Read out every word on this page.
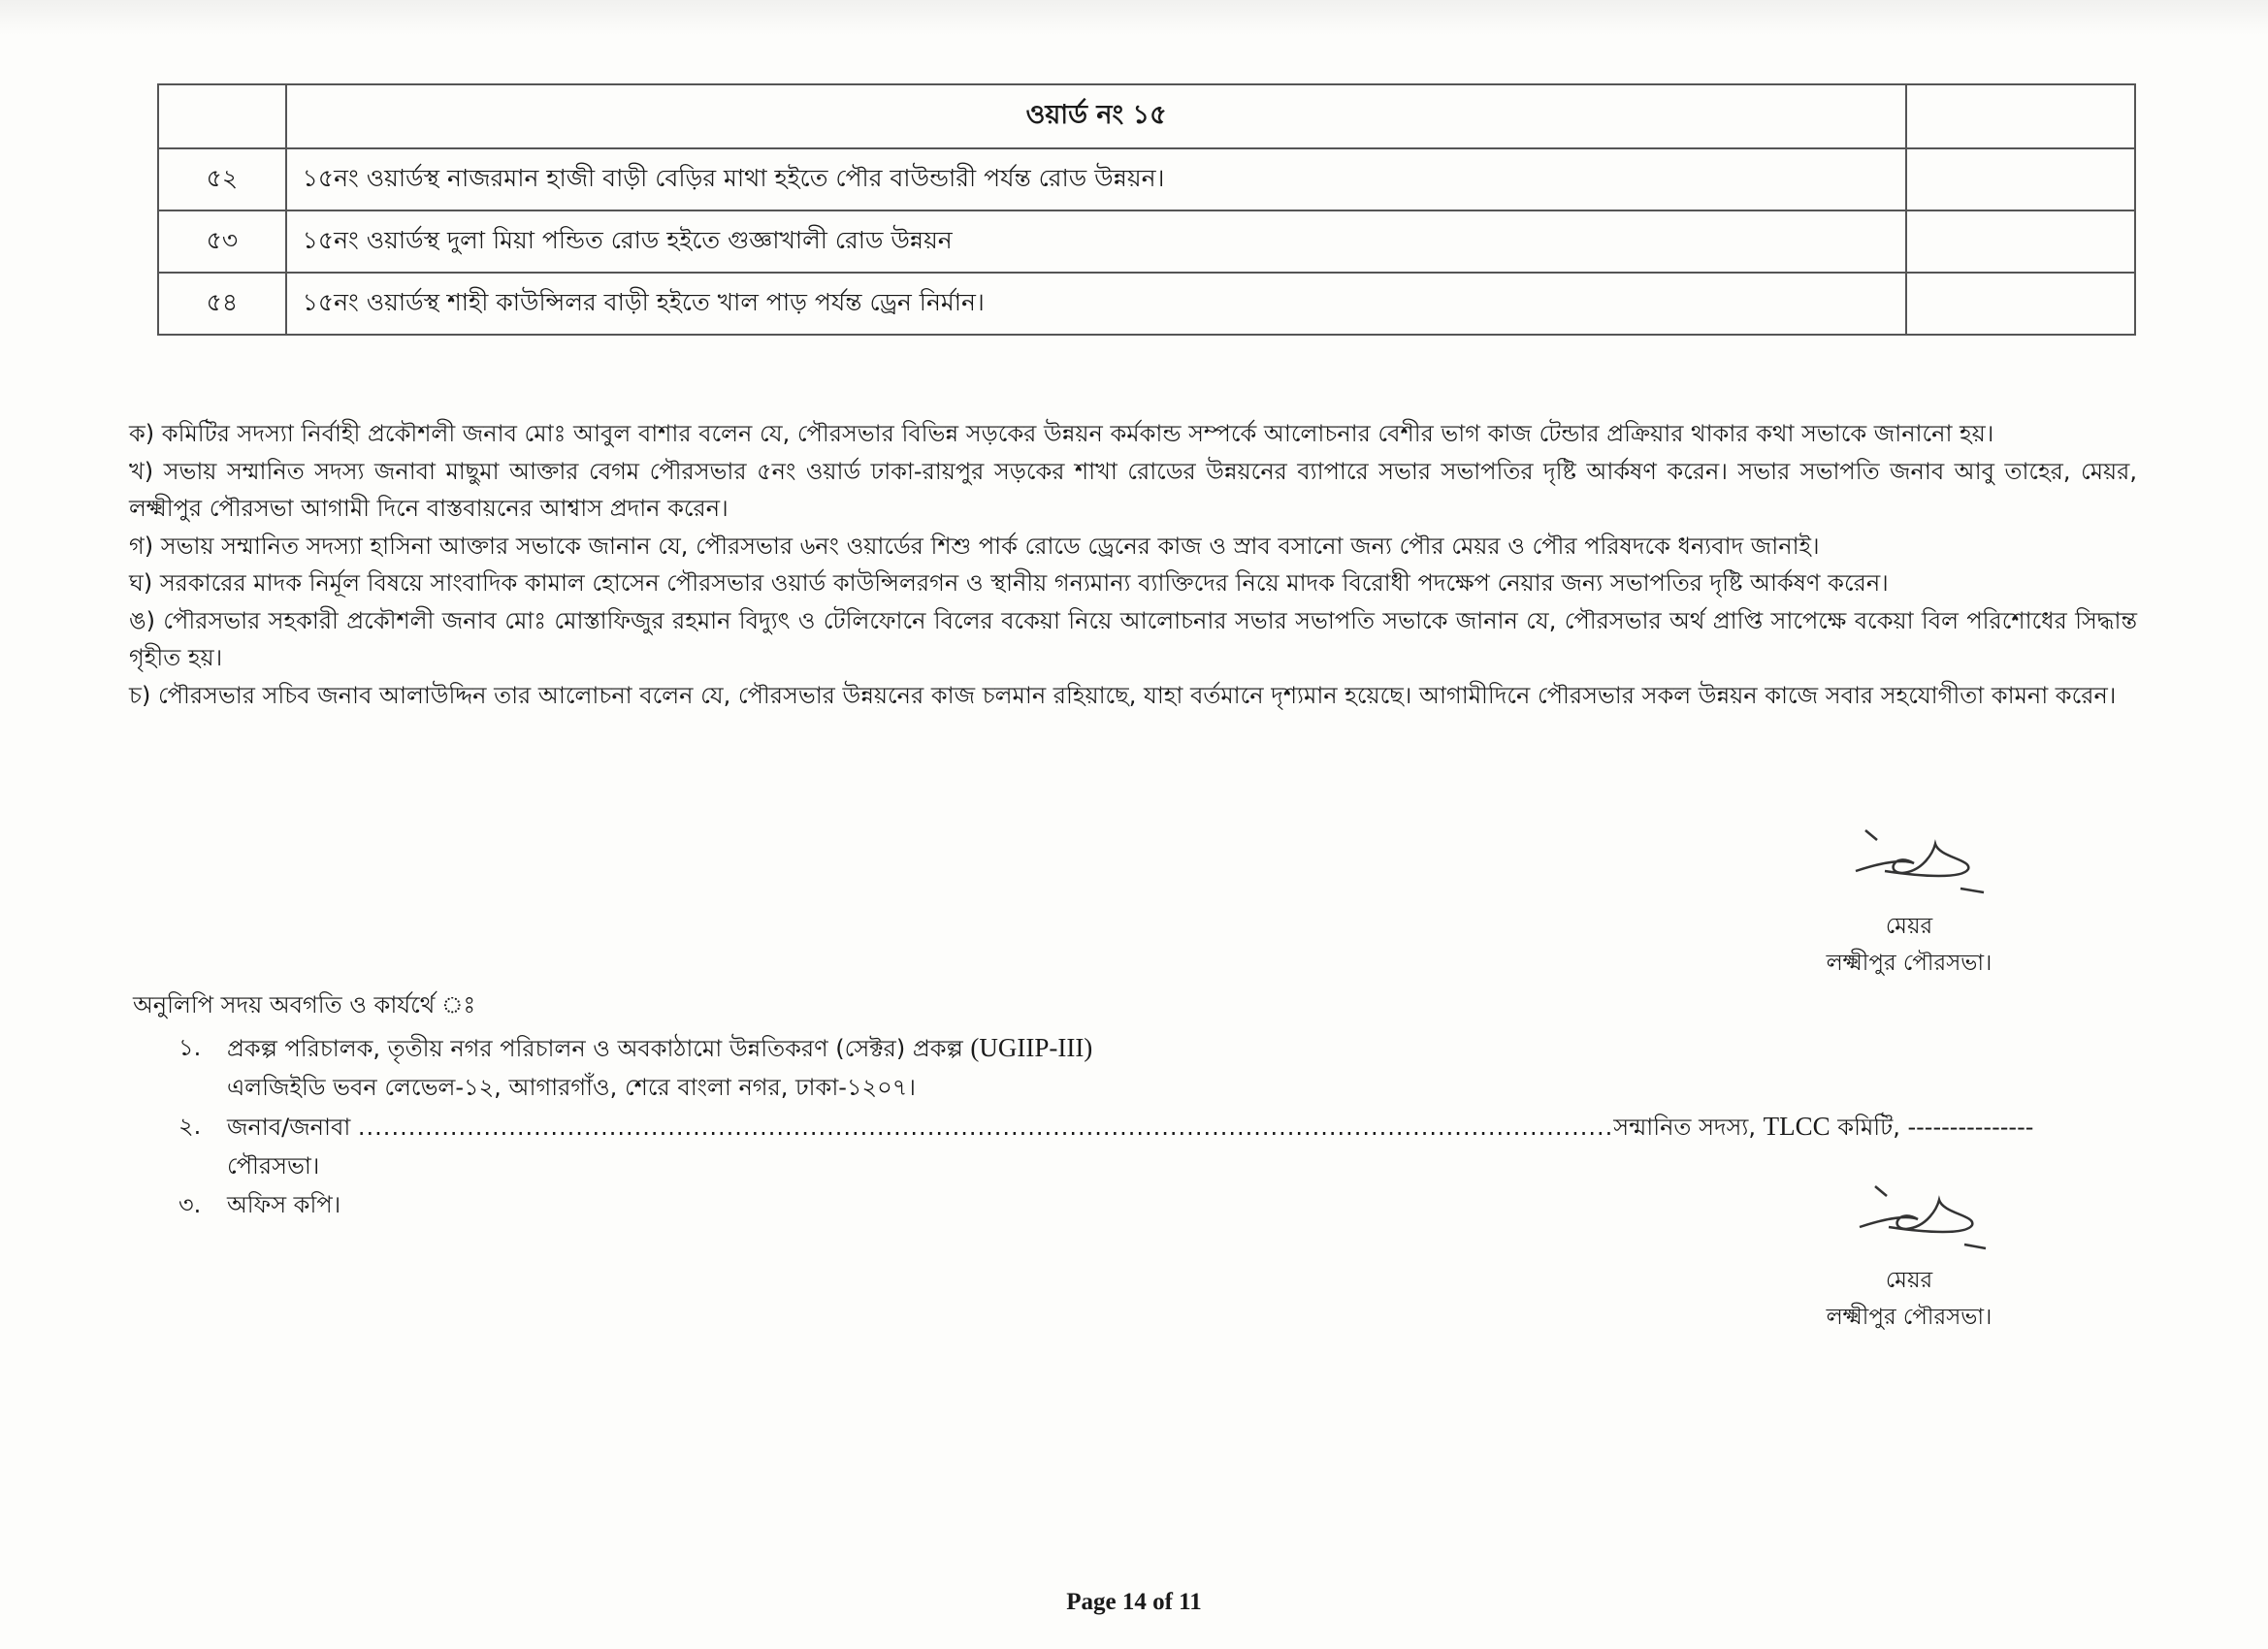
	ওয়ার্ড নং ১৫	
৫২	১৫নং ওয়ার্ডস্থ নাজরমান হাজী বাড়ী বেড়ির মাথা হইতে পৌর বাউন্ডারী পর্যন্ত রোড উন্নয়ন।	
৫৩	১৫নং ওয়ার্ডস্থ দুলা মিয়া পন্ডিত রোড হইতে গুজ্ঞাখালী রোড উন্নয়ন	
৫৪	১৫নং ওয়ার্ডস্থ শাহী কাউন্সিলর বাড়ী হইতে খাল পাড় পর্যন্ত ড্রেন নির্মান।	

ক) কমিটির সদস্যা নির্বাহী প্রকৌশলী জনাব মোঃ আবুল বাশার বলেন যে, পৌরসভার বিভিন্ন সড়কের উন্নয়ন কর্মকান্ড সম্পর্কে আলোচনার বেশীর ভাগ কাজ টেন্ডার প্রক্রিয়ার থাকার কথা সভাকে জানানো হয়।

খ) সভায় সম্মানিত সদস্য জনাবা মাছুমা আক্তার বেগম পৌরসভার ৫নং ওয়ার্ড ঢাকা-রায়পুর সড়কের শাখা রোডের উন্নয়নের ব্যাপারে সভার সভাপতির দৃষ্টি আর্কষণ করেন। সভার সভাপতি জনাব আবু তাহের, মেয়র, লক্ষ্মীপুর পৌরসভা আগামী দিনে বাস্তবায়নের আশ্বাস প্রদান করেন।

গ) সভায় সম্মানিত সদস্যা হাসিনা আক্তার সভাকে জানান যে, পৌরসভার ৬নং ওয়ার্ডের শিশু পার্ক রোডে ড্রেনের কাজ ও স্রাব বসানো জন্য পৌর মেয়র ও পৌর পরিষদকে ধন্যবাদ জানাই।

ঘ) সরকারের মাদক নির্মূল বিষয়ে সাংবাদিক কামাল হোসেন পৌরসভার ওয়ার্ড কাউন্সিলরগন ও স্থানীয় গন্যমান্য ব্যাক্তিদের নিয়ে মাদক বিরোধী পদক্ষেপ নেয়ার জন্য সভাপতির দৃষ্টি আর্কষণ করেন।

ঙ) পৌরসভার সহকারী প্রকৌশলী জনাব মোঃ মোস্তাফিজুর রহমান বিদ্যুৎ ও টেলিফোনে বিলের বকেয়া নিয়ে আলোচনার সভার সভাপতি সভাকে জানান যে, পৌরসভার অর্থ প্রাপ্তি সাপেক্ষে বকেয়া বিল পরিশোধের সিদ্ধান্ত গৃহীত হয়।

চ) পৌরসভার সচিব জনাব আলাউদ্দিন তার আলোচনা বলেন যে, পৌরসভার উন্নয়নের কাজ চলমান রহিয়াছে, যাহা বর্তমানে দৃশ্যমান হয়েছে। আগামীদিনে পৌরসভার সকল উন্নয়ন কাজে সবার সহযোগীতা কামনা করেন।

মেয়র
লক্ষ্মীপুর পৌরসভা।
অনুলিপি সদয় অবগতি ও কার্যর্থে ঃ
১.	প্রকল্প পরিচালক, তৃতীয় নগর পরিচালন ও অবকাঠামো উন্নতিকরণ (সেক্টর) প্রকল্প (UGIIP-III)
এলজিইডি ভবন লেভেল-১২, আগারগাঁও, শেরে বাংলা নগর, ঢাকা-১২০৭।
২.	জনাব/জনাবা ......................................................................................................................................................সন্মানিত সদস্য, TLCC কমিটি, ---------------
পৌরসভা।
৩.	অফিস কপি।
মেয়র
লক্ষ্মীপুর পৌরসভা।
Page 14 of 11
